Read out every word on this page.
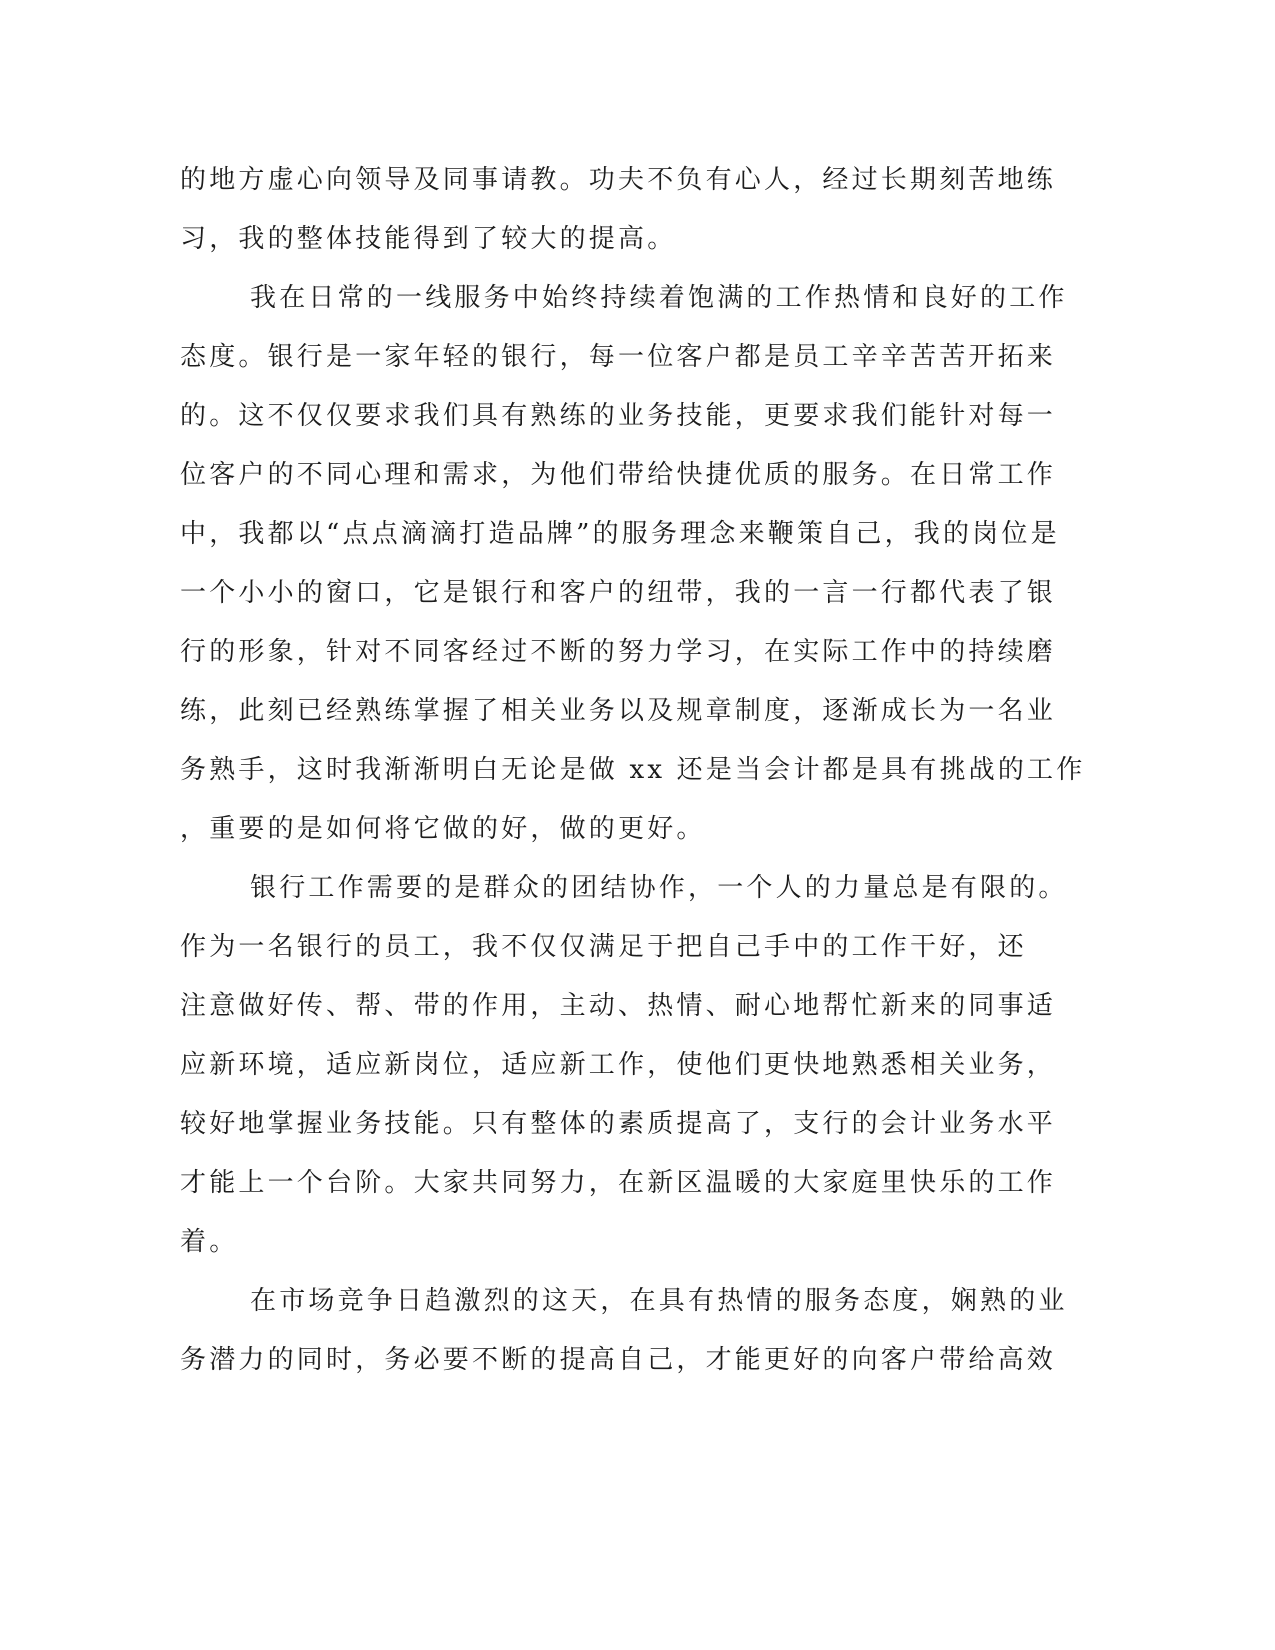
的地方虚心向领导及同事请教。功夫不负有心人，经过长期刻苦地练

习，我的整体技能得到了较大的提高。

我在日常的一线服务中始终持续着饱满的工作热情和良好的工作

态度。银行是一家年轻的银行，每一位客户都是员工辛辛苦苦开拓来

的。这不仅仅要求我们具有熟练的业务技能，更要求我们能针对每一

位客户的不同心理和需求，为他们带给快捷优质的服务。在日常工作

中，我都以“点点滴滴打造品牌”的服务理念来鞭策自己，我的岗位是

一个小小的窗口，它是银行和客户的纽带，我的一言一行都代表了银

行的形象，针对不同客经过不断的努力学习，在实际工作中的持续磨

练，此刻已经熟练掌握了相关业务以及规章制度，逐渐成长为一名业

务熟手，这时我渐渐明白无论是做 xx 还是当会计都是具有挑战的工作

，重要的是如何将它做的好，做的更好。

银行工作需要的是群众的团结协作，一个人的力量总是有限的。

作为一名银行的员工，我不仅仅满足于把自己手中的工作干好，还

注意做好传、帮、带的作用，主动、热情、耐心地帮忙新来的同事适

应新环境，适应新岗位，适应新工作，使他们更快地熟悉相关业务，

较好地掌握业务技能。只有整体的素质提高了，支行的会计业务水平

才能上一个台阶。大家共同努力，在新区温暖的大家庭里快乐的工作

着。

在市场竞争日趋激烈的这天，在具有热情的服务态度，娴熟的业

务潜力的同时，务必要不断的提高自己，才能更好的向客户带给高效
